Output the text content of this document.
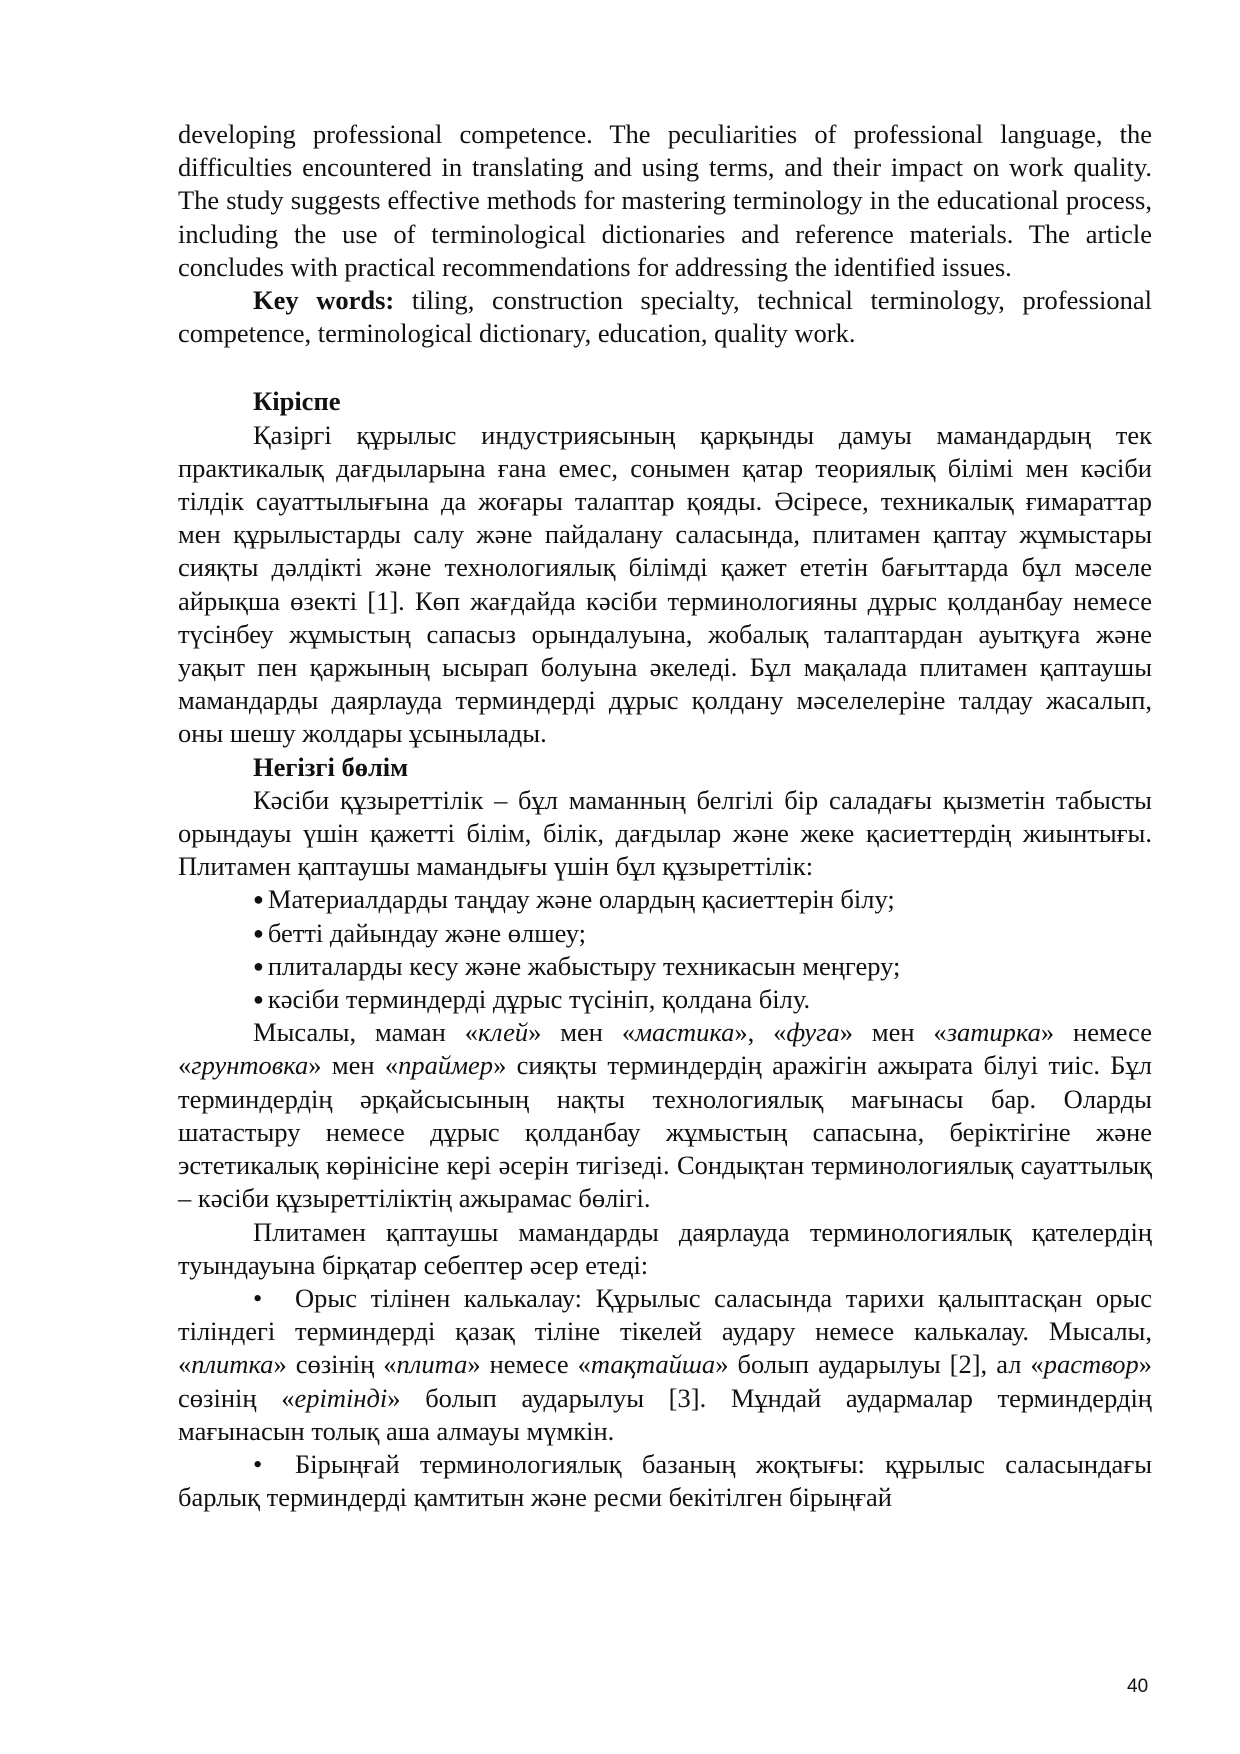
developing professional competence. The peculiarities of professional language, the difficulties encountered in translating and using terms, and their impact on work quality. The study suggests effective methods for mastering terminology in the educational process, including the use of terminological dictionaries and reference materials. The article concludes with practical recommendations for addressing the identified issues.

Key words: tiling, construction specialty, technical terminology, professional competence, terminological dictionary, education, quality work.

Кіріспе

Қазіргі құрылыс индустриясының қарқынды дамуы мамандардың тек практикалық дағдыларына ғана емес, сонымен қатар теориялық білімі мен кәсіби тілдік сауаттылығына да жоғары талаптар қояды. Әсіресе, техникалық ғимараттар мен құрылыстарды салу және пайдалану саласында, плитамен қаптау жұмыстары сияқты дәлдікті және технологиялық білімді қажет ететін бағыттарда бұл мәселе айрықша өзекті [1]. Көп жағдайда кәсіби терминологияны дұрыс қолданбау немесе түсінбеу жұмыстың сапасыз орындалуына, жобалық талаптардан ауытқуға және уақыт пен қаржының ысырап болуына әкеледі. Бұл мақалада плитамен қаптаушы мамандарды даярлауда терминдерді дұрыс қолдану мәселелеріне талдау жасалып, оны шешу жолдары ұсынылады.

Негізгі бөлім

Кәсіби құзыреттілік – бұл маманның белгілі бір саладағы қызметін табысты орындауы үшін қажетті білім, білік, дағдылар және жеке қасиеттердің жиынтығы. Плитамен қаптаушы мамандығы үшін бұл құзыреттілік:

● Материалдарды таңдау және олардың қасиеттерін білу;
● бетті дайындау және өлшеу;
● плиталарды кесу және жабыстыру техникасын меңгеру;
● кәсіби терминдерді дұрыс түсініп, қолдана білу.

Мысалы, маман «клей» мен «мастика», «фуга» мен «затирка» немесе «грунтовка» мен «праймер» сияқты терминдердің аражігін ажырата білуі тиіс. Бұл терминдердің әрқайсысының нақты технологиялық мағынасы бар. Оларды шатастыру немесе дұрыс қолданбау жұмыстың сапасына, беріктігіне және эстетикалық көрінісіне кері әсерін тигізеді. Сондықтан терминологиялық сауаттылық – кәсіби құзыреттіліктің ажырамас бөлігі.

Плитамен қаптаушы мамандарды даярлауда терминологиялық қателердің туындауына бірқатар себептер әсер етеді:

• Орыс тілінен калькалау: Құрылыс саласында тарихи қалыптасқан орыс тіліндегі терминдерді қазақ тіліне тікелей аудару немесе калькалау. Мысалы, «плитка» сөзінің «плита» немесе «тақтайша» болып аударылуы [2], ал «раствор» сөзінің «ерітінді» болып аударылуы [3]. Мұндай аудармалар терминдердің мағынасын толық аша алмауы мүмкін.

• Бірыңғай терминологиялық базаның жоқтығы: құрылыс саласындағы барлық терминдерді қамтитын және ресми бекітілген бірыңғай

40
